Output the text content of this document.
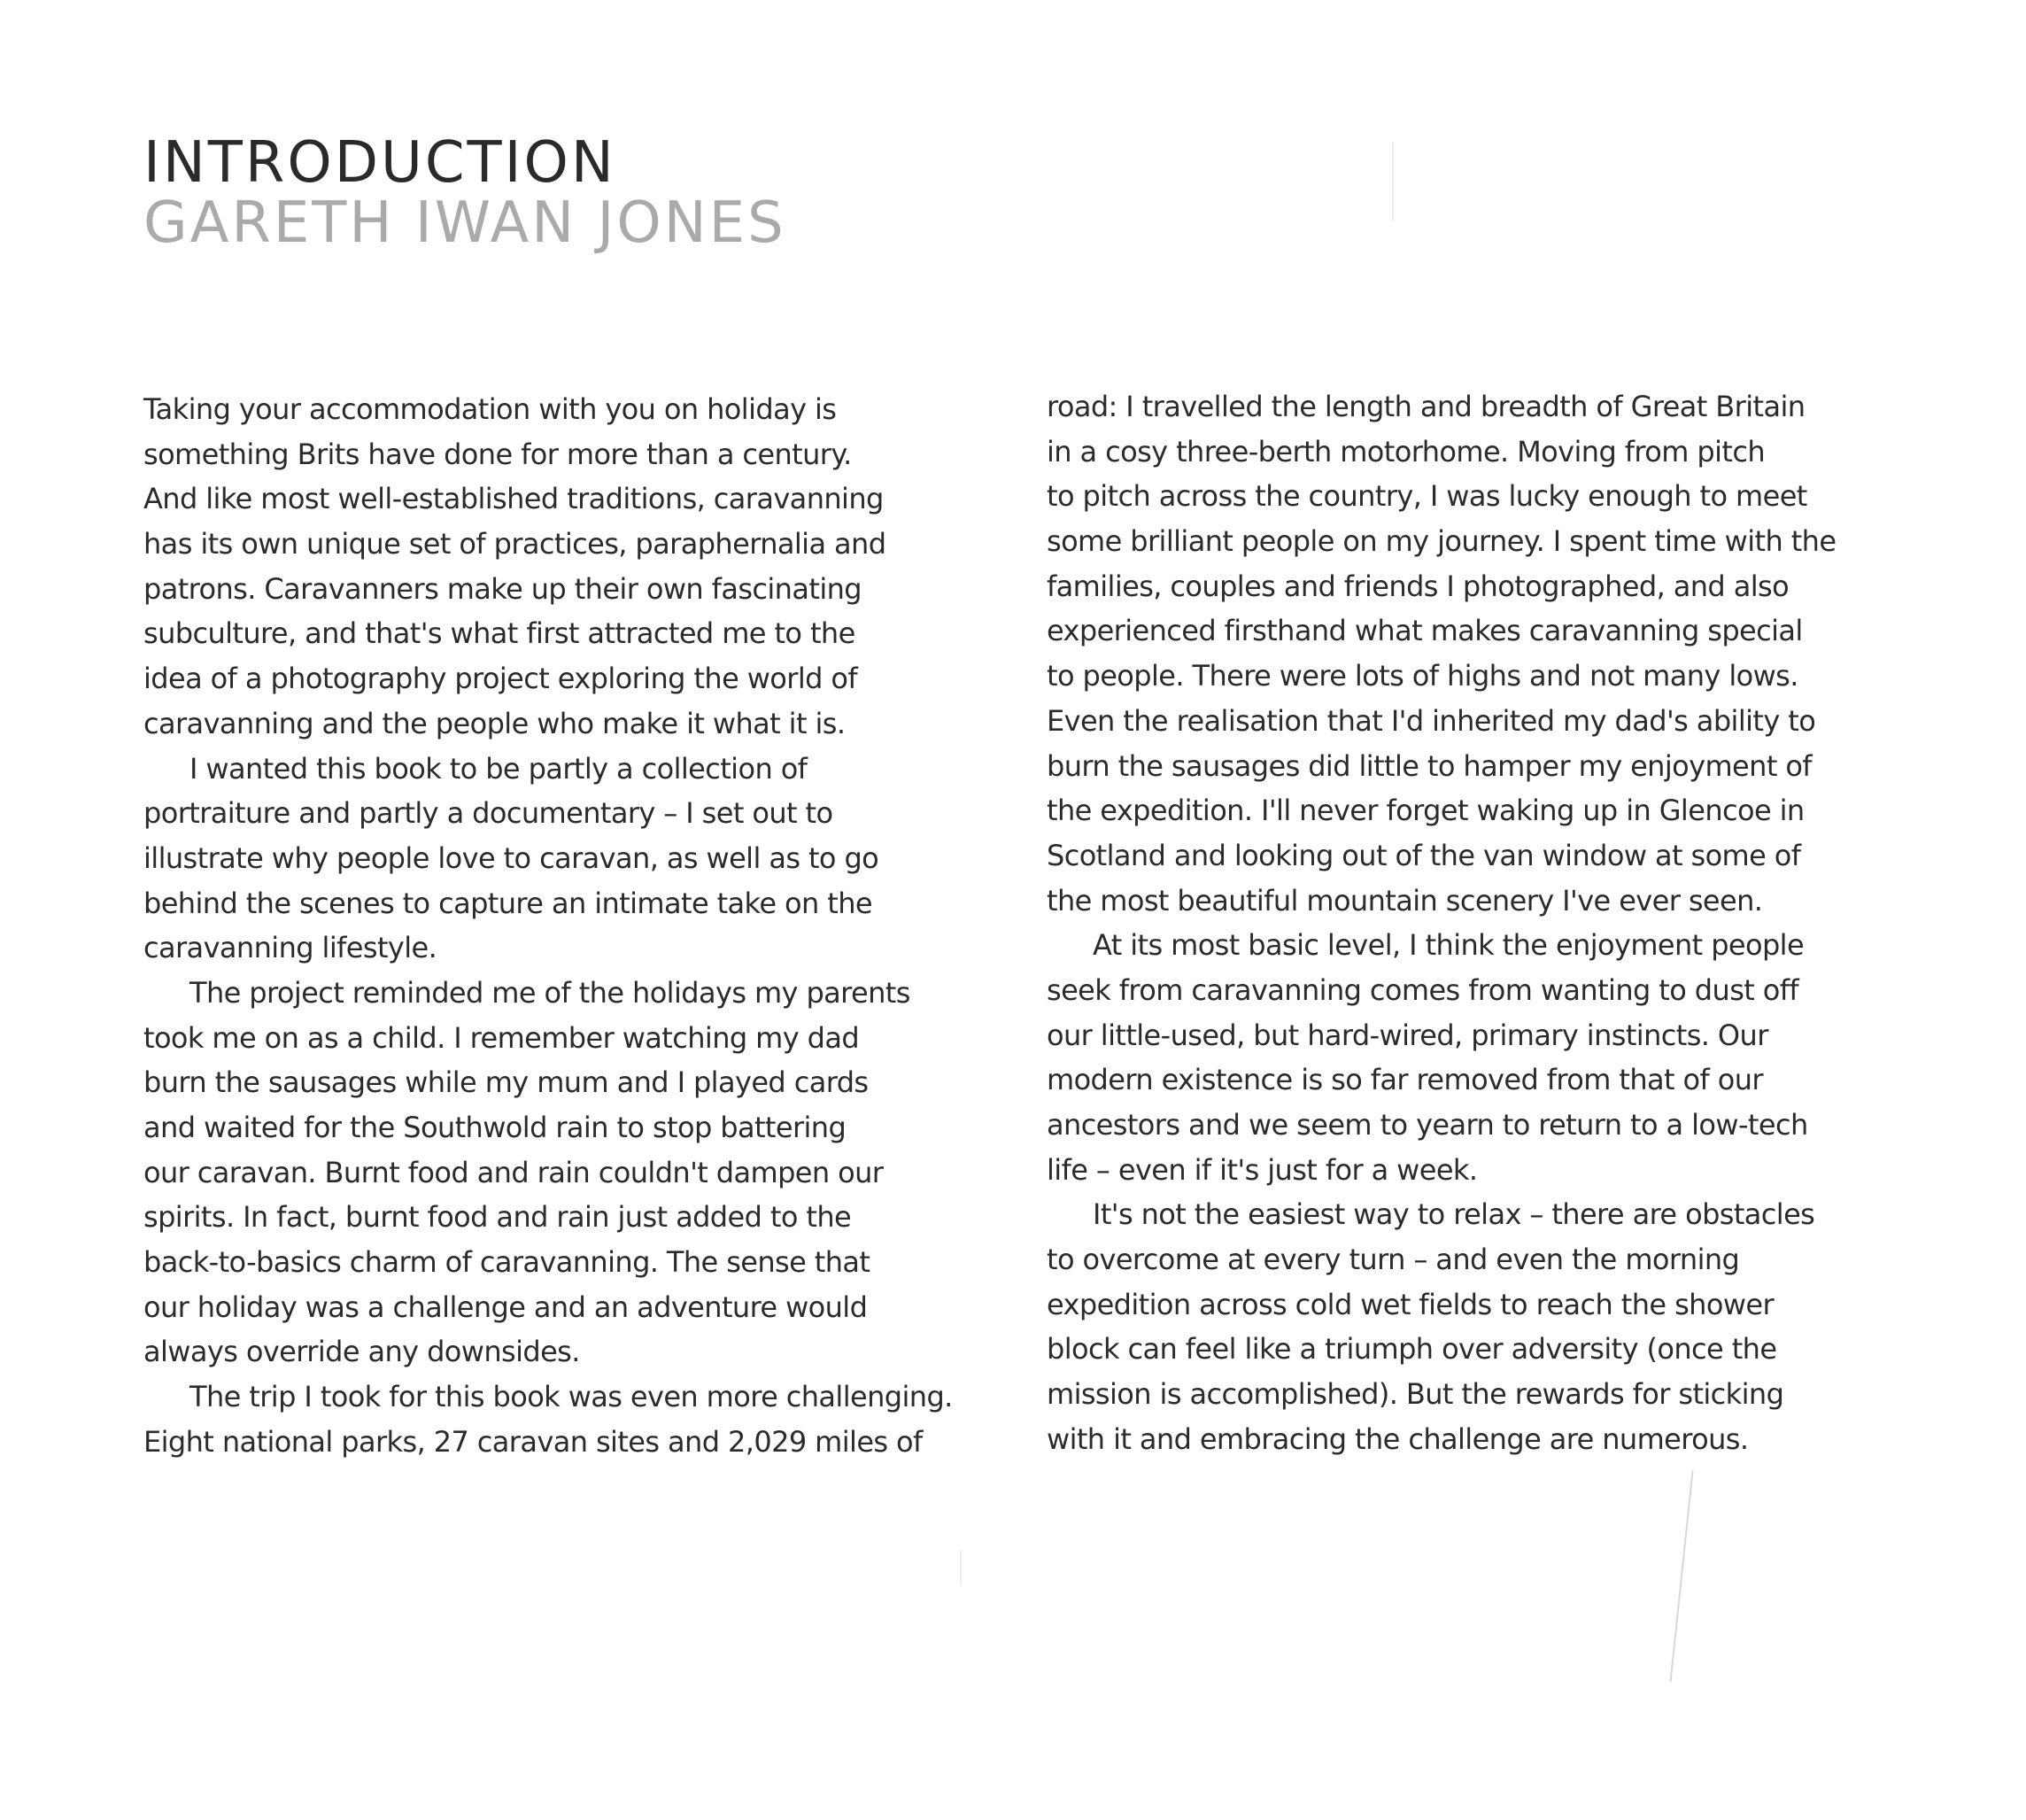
INTRODUCTION
GARETH IWAN JONES
Taking your accommodation with you on holiday is
something Brits have done for more than a century.
And like most well-established traditions, caravanning
has its own unique set of practices, paraphernalia and
patrons. Caravanners make up their own fascinating
subculture, and that's what first attracted me to the
idea of a photography project exploring the world of
caravanning and the people who make it what it is.
I wanted this book to be partly a collection of
portraiture and partly a documentary – I set out to
illustrate why people love to caravan, as well as to go
behind the scenes to capture an intimate take on the
caravanning lifestyle.
The project reminded me of the holidays my parents
took me on as a child. I remember watching my dad
burn the sausages while my mum and I played cards
and waited for the Southwold rain to stop battering
our caravan. Burnt food and rain couldn't dampen our
spirits. In fact, burnt food and rain just added to the
back-to-basics charm of caravanning. The sense that
our holiday was a challenge and an adventure would
always override any downsides.
The trip I took for this book was even more challenging.
Eight national parks, 27 caravan sites and 2,029 miles of
road: I travelled the length and breadth of Great Britain
in a cosy three-berth motorhome. Moving from pitch
to pitch across the country, I was lucky enough to meet
some brilliant people on my journey. I spent time with the
families, couples and friends I photographed, and also
experienced firsthand what makes caravanning special
to people. There were lots of highs and not many lows.
Even the realisation that I'd inherited my dad's ability to
burn the sausages did little to hamper my enjoyment of
the expedition. I'll never forget waking up in Glencoe in
Scotland and looking out of the van window at some of
the most beautiful mountain scenery I've ever seen.
At its most basic level, I think the enjoyment people
seek from caravanning comes from wanting to dust off
our little-used, but hard-wired, primary instincts. Our
modern existence is so far removed from that of our
ancestors and we seem to yearn to return to a low-tech
life – even if it's just for a week.
It's not the easiest way to relax – there are obstacles
to overcome at every turn – and even the morning
expedition across cold wet fields to reach the shower
block can feel like a triumph over adversity (once the
mission is accomplished). But the rewards for sticking
with it and embracing the challenge are numerous.
